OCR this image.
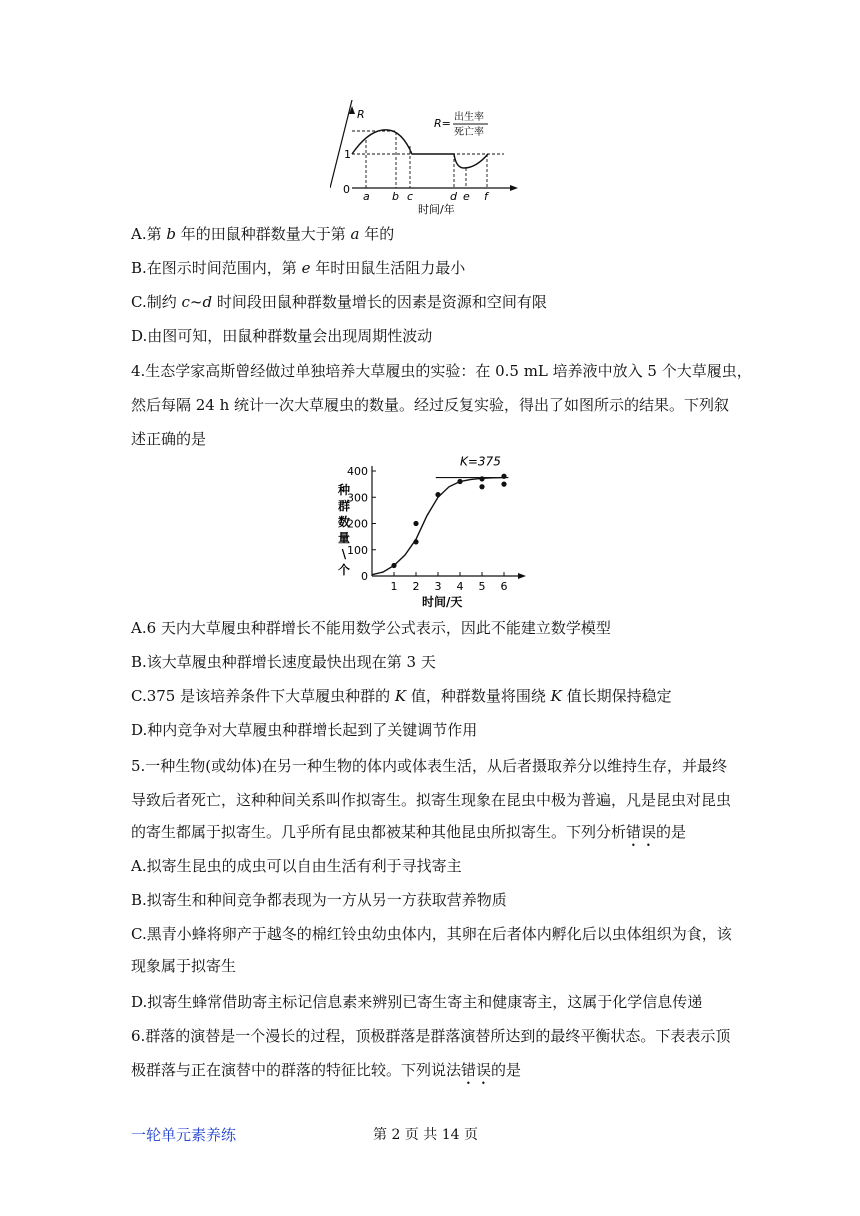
R
1
0
a b c	d e f
时间/年
R= 出生率
死亡率
A.第 b 年的田鼠种群数量大于第 a 年的
B.在图示时间范围内，第 e 年时田鼠生活阻力最小
C.制约 c~d 时间段田鼠种群数量增长的因素是资源和空间有限
D.由图可知，田鼠种群数量会出现周期性波动
4.生态学家高斯曾经做过单独培养大草履虫的实验：在 0.5 mL 培养液中放入 5 个大草履虫，
然后每隔 24 h 统计一次大草履虫的数量。经过反复实验，得出了如图所示的结果。下列叙
述正确的是
0
100
200
300
400
1 2 3 4 5 6
种
群
数
量
\
个
时间/天
K=375
A.6 天内大草履虫种群增长不能用数学公式表示，因此不能建立数学模型
B.该大草履虫种群增长速度最快出现在第 3 天
C.375 是该培养条件下大草履虫种群的 K 值，种群数量将围绕 K 值长期保持稳定
D.种内竞争对大草履虫种群增长起到了关键调节作用
5.一种生物(或幼体)在另一种生物的体内或体表生活，从后者摄取养分以维持生存，并最终
导致后者死亡，这种种间关系叫作拟寄生。拟寄生现象在昆虫中极为普遍，凡是昆虫对昆虫
的寄生都属于拟寄生。几乎所有昆虫都被某种其他昆虫所拟寄生。下列分析错误的是
A.拟寄生昆虫的成虫可以自由生活有利于寻找寄主
B.拟寄生和种间竞争都表现为一方从另一方获取营养物质
C.黑青小蜂将卵产于越冬的棉红铃虫幼虫体内，其卵在后者体内孵化后以虫体组织为食，该
现象属于拟寄生
D.拟寄生蜂常借助寄主标记信息素来辨别已寄生寄主和健康寄主，这属于化学信息传递
6.群落的演替是一个漫长的过程，顶极群落是群落演替所达到的最终平衡状态。下表表示顶
极群落与正在演替中的群落的特征比较。下列说法错误的是
一轮单元素养练	第 2 页 共 14 页
